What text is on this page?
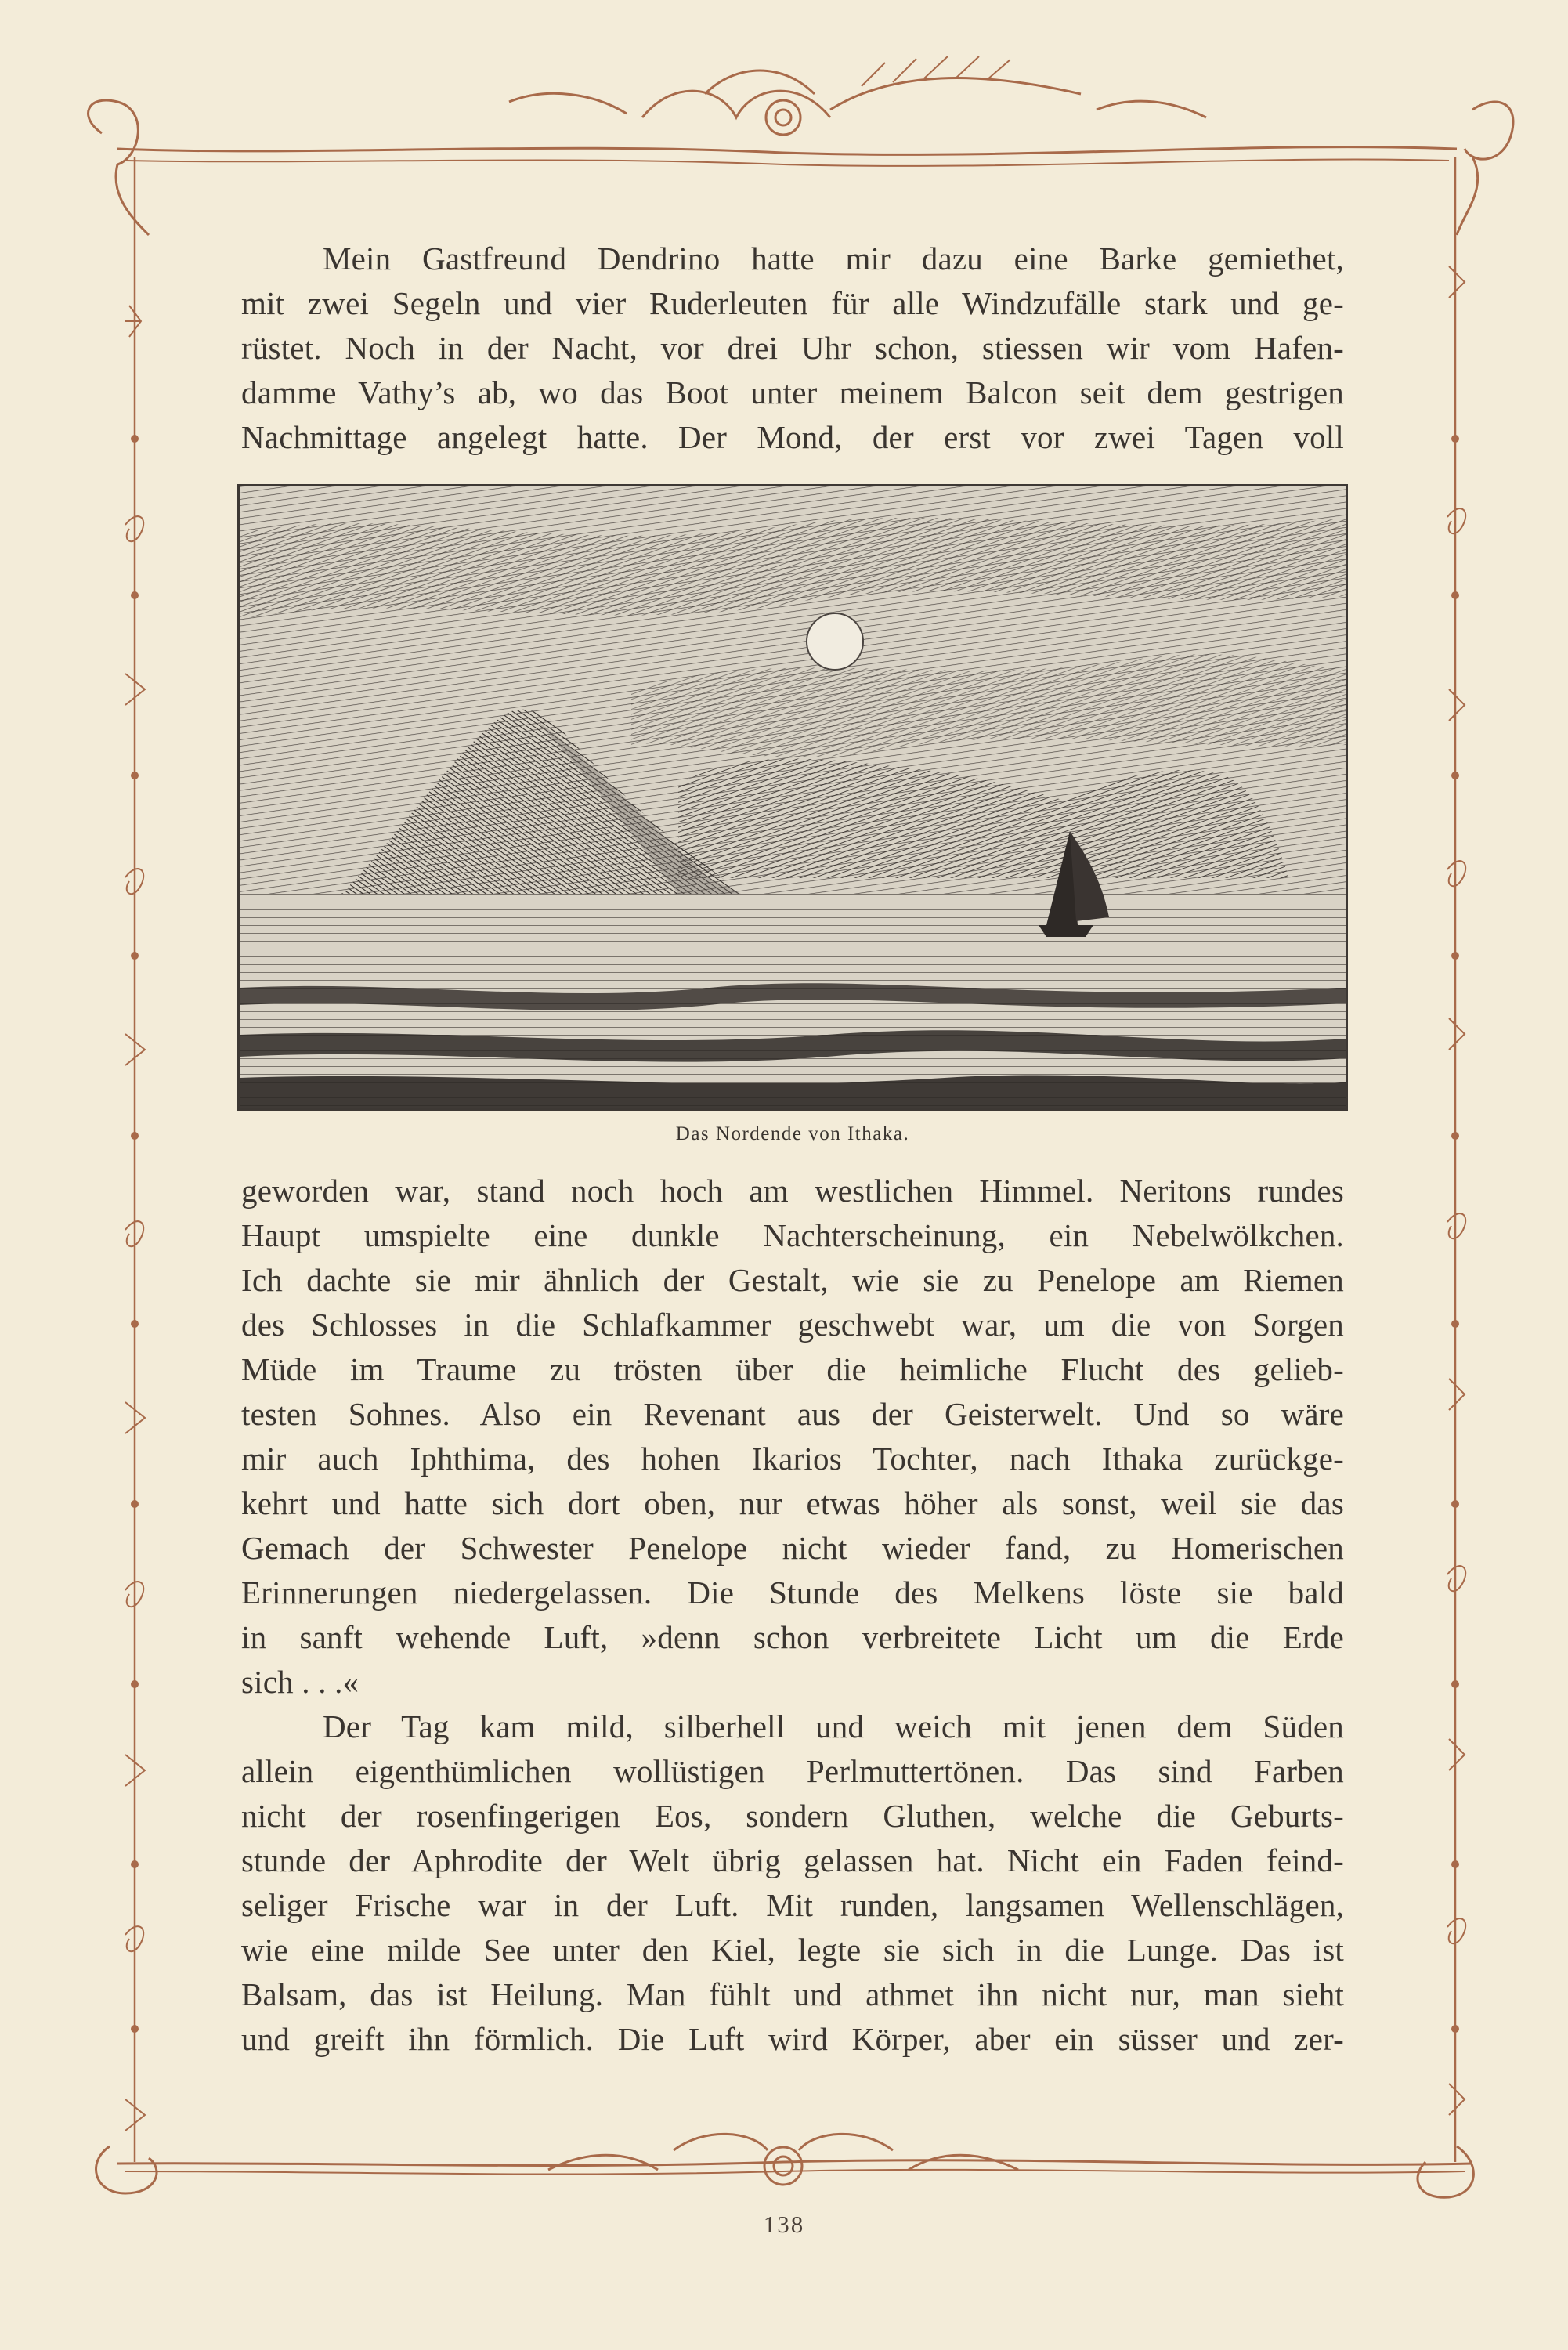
Mein Gastfreund Dendrino hatte mir dazu eine Barke gemiethet,
mit zwei Segeln und vier Ruderleuten für alle Windzufälle stark und ge-
rüstet. Noch in der Nacht, vor drei Uhr schon, stiessen wir vom Hafen-
damme Vathy’s ab, wo das Boot unter meinem Balcon seit dem gestrigen
Nachmittage angelegt hatte. Der Mond, der erst vor zwei Tagen voll
Das Nordende von Ithaka.
geworden war, stand noch hoch am westlichen Himmel. Neritons rundes
Haupt umspielte eine dunkle Nachterscheinung, ein Nebelwölkchen.
Ich dachte sie mir ähnlich der Gestalt, wie sie zu Penelope am Riemen
des Schlosses in die Schlafkammer geschwebt war, um die von Sorgen
Müde im Traume zu trösten über die heimliche Flucht des gelieb-
testen Sohnes. Also ein Revenant aus der Geisterwelt. Und so wäre
mir auch Iphthima, des hohen Ikarios Tochter, nach Ithaka zurückge-
kehrt und hatte sich dort oben, nur etwas höher als sonst, weil sie das
Gemach der Schwester Penelope nicht wieder fand, zu Homerischen
Erinnerungen niedergelassen. Die Stunde des Melkens löste sie bald
in sanft wehende Luft, »denn schon verbreitete Licht um die Erde
sich . . .«
Der Tag kam mild, silberhell und weich mit jenen dem Süden
allein eigenthümlichen wollüstigen Perlmuttertönen. Das sind Farben
nicht der rosenfingerigen Eos, sondern Gluthen, welche die Geburts-
stunde der Aphrodite der Welt übrig gelassen hat. Nicht ein Faden feind-
seliger Frische war in der Luft. Mit runden, langsamen Wellenschlägen,
wie eine milde See unter den Kiel, legte sie sich in die Lunge. Das ist
Balsam, das ist Heilung. Man fühlt und athmet ihn nicht nur, man sieht
und greift ihn förmlich. Die Luft wird Körper, aber ein süsser und zer-
138
